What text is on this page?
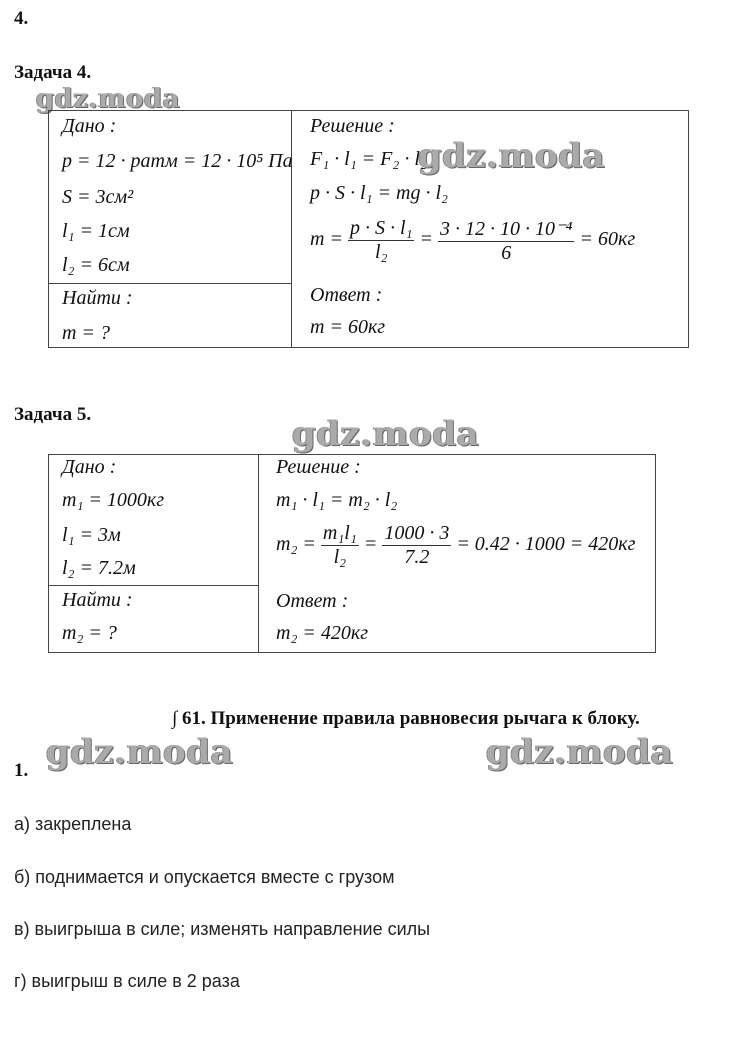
4.
Задача 4.
gdz.moda
Дано :
p = 12 · pатм = 12 · 10⁵ Па
S = 3см²
l₁ = 1см
l₂ = 6см
Найти :
m = ?
Решение :
F₁ · l₁ = F₂ · l₂
gdz.moda
p · S · l₁ = mg · l₂
$m = \frac{\text{p · S · l₁}}{\text{l₂}} = \frac{\text{3 · 12 · 10 · 10⁻⁴}}{6} = 60кг$
Ответ :
m = 60кг
Задача 5.	gdz.moda
Дано :
m₁ = 1000кг
l₁ = 3м
l₂ = 7.2м
Найти :
m₂ = ?
Решение :
m₁ · l₁ = m₂ · l₂
$m_2 = \frac{\text{m₁l₁}}{\text{l₂}} = \frac{1000 \cdot 3}{7.2} = 0.42 \cdot 1000 = 420кг$
Ответ :
m₂ = 420кг
∫ 61. Применение правила равновесия рычага к блоку.
gdz.moda	gdz.moda
1.
а) закреплена
б) поднимается и опускается вместе с грузом
в) выигрыша в силе; изменять направление силы
г) выигрыш в силе в 2 раза
